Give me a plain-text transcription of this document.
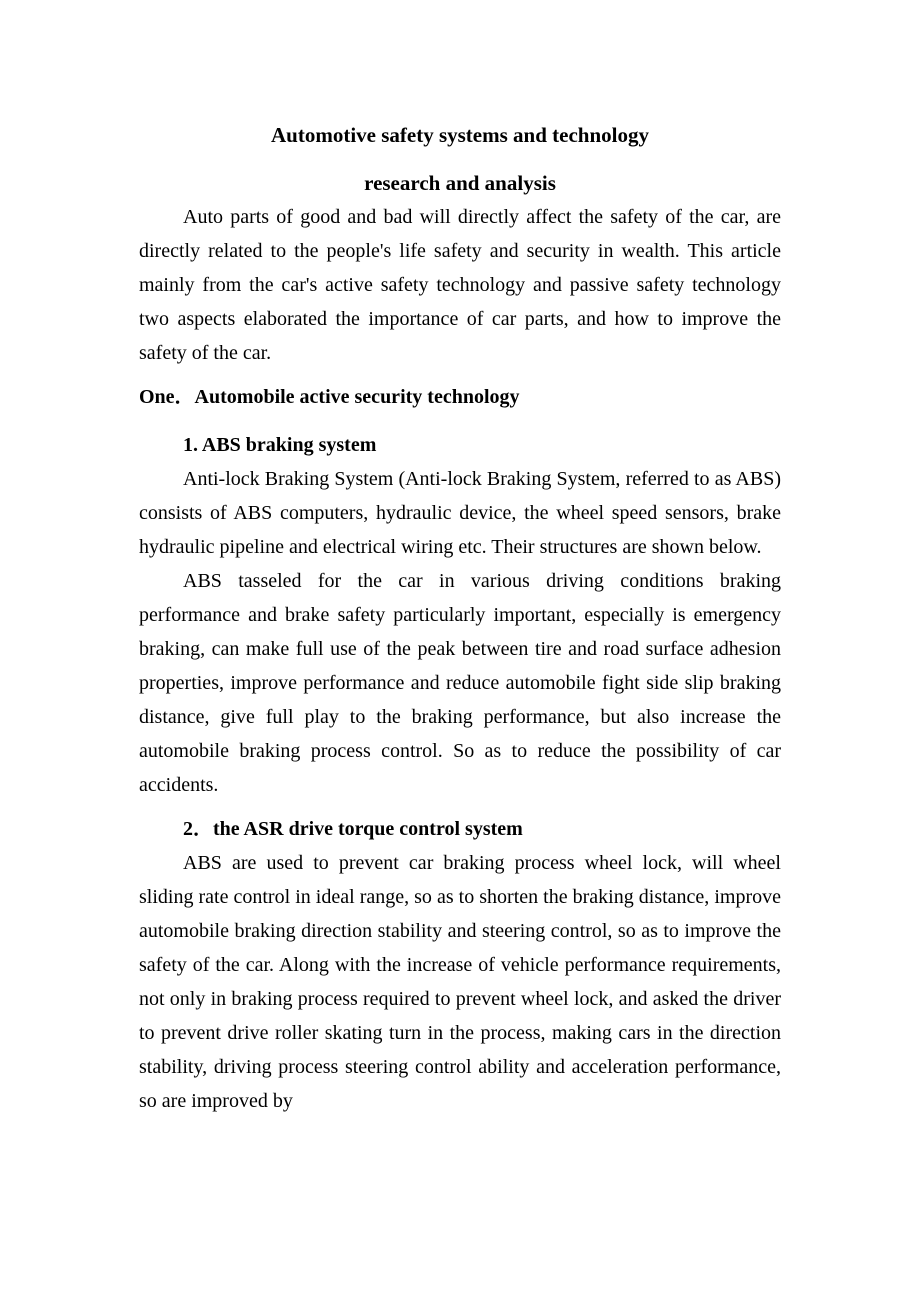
Automotive safety systems and technology
research and analysis

Auto parts of good and bad will directly affect the safety of the car, are directly related to the people's life safety and security in wealth. This article mainly from the car's active safety technology and passive safety technology two aspects elaborated the importance of car parts, and how to improve the safety of the car.

One．Automobile active security technology
1. ABS braking system

Anti-lock Braking System (Anti-lock Braking System, referred to as ABS) consists of ABS computers, hydraulic device, the wheel speed sensors, brake hydraulic pipeline and electrical wiring etc. Their structures are shown below.

ABS tasseled for the car in various driving conditions braking performance and brake safety particularly important, especially is emergency braking, can make full use of the peak between tire and road surface adhesion properties, improve performance and reduce automobile fight side slip braking distance, give full play to the braking performance, but also increase the automobile braking process control. So as to reduce the possibility of car accidents.

2．the ASR drive torque control system

ABS are used to prevent car braking process wheel lock, will wheel sliding rate control in ideal range, so as to shorten the braking distance, improve automobile braking direction stability and steering control, so as to improve the safety of the car. Along with the increase of vehicle performance requirements, not only in braking process required to prevent wheel lock, and asked the driver to prevent drive roller skating turn in the process, making cars in the direction stability, driving process steering control ability and acceleration performance, so are improved by
